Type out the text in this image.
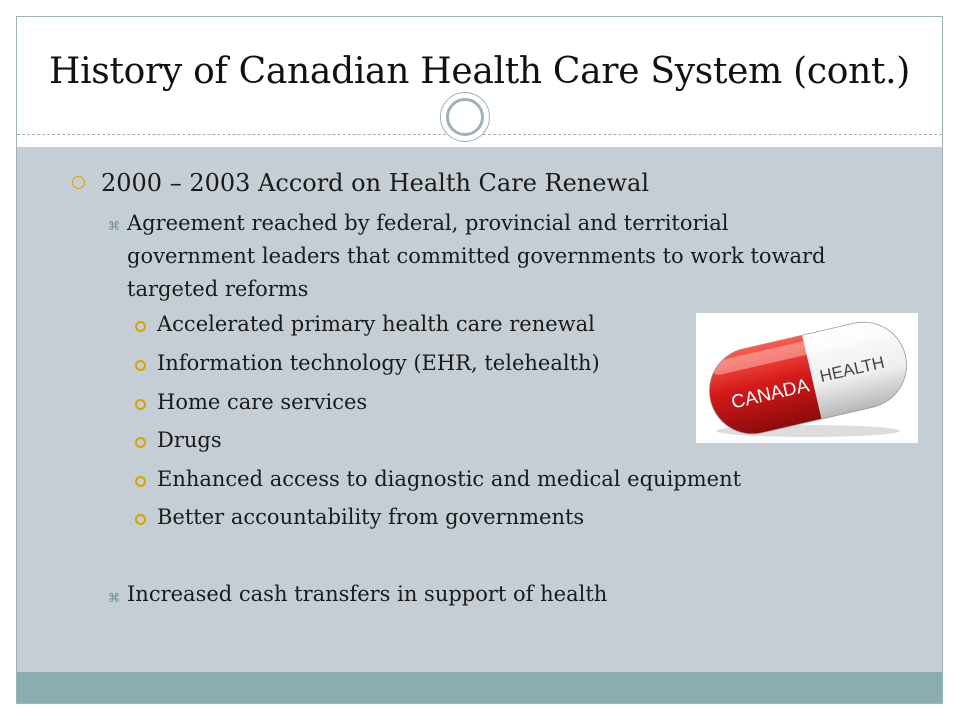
History of Canadian Health Care System (cont.)
2000 – 2003 Accord on Health Care Renewal
⌘ Agreement reached by federal, provincial and territorial
government leaders that committed governments to work toward
targeted reforms
Accelerated primary health care renewal
Information technology (EHR, telehealth)
Home care services
Drugs
Enhanced access to diagnostic and medical equipment
Better accountability from governments
⌘ Increased cash transfers in support of health
CANADA
HEALTH
